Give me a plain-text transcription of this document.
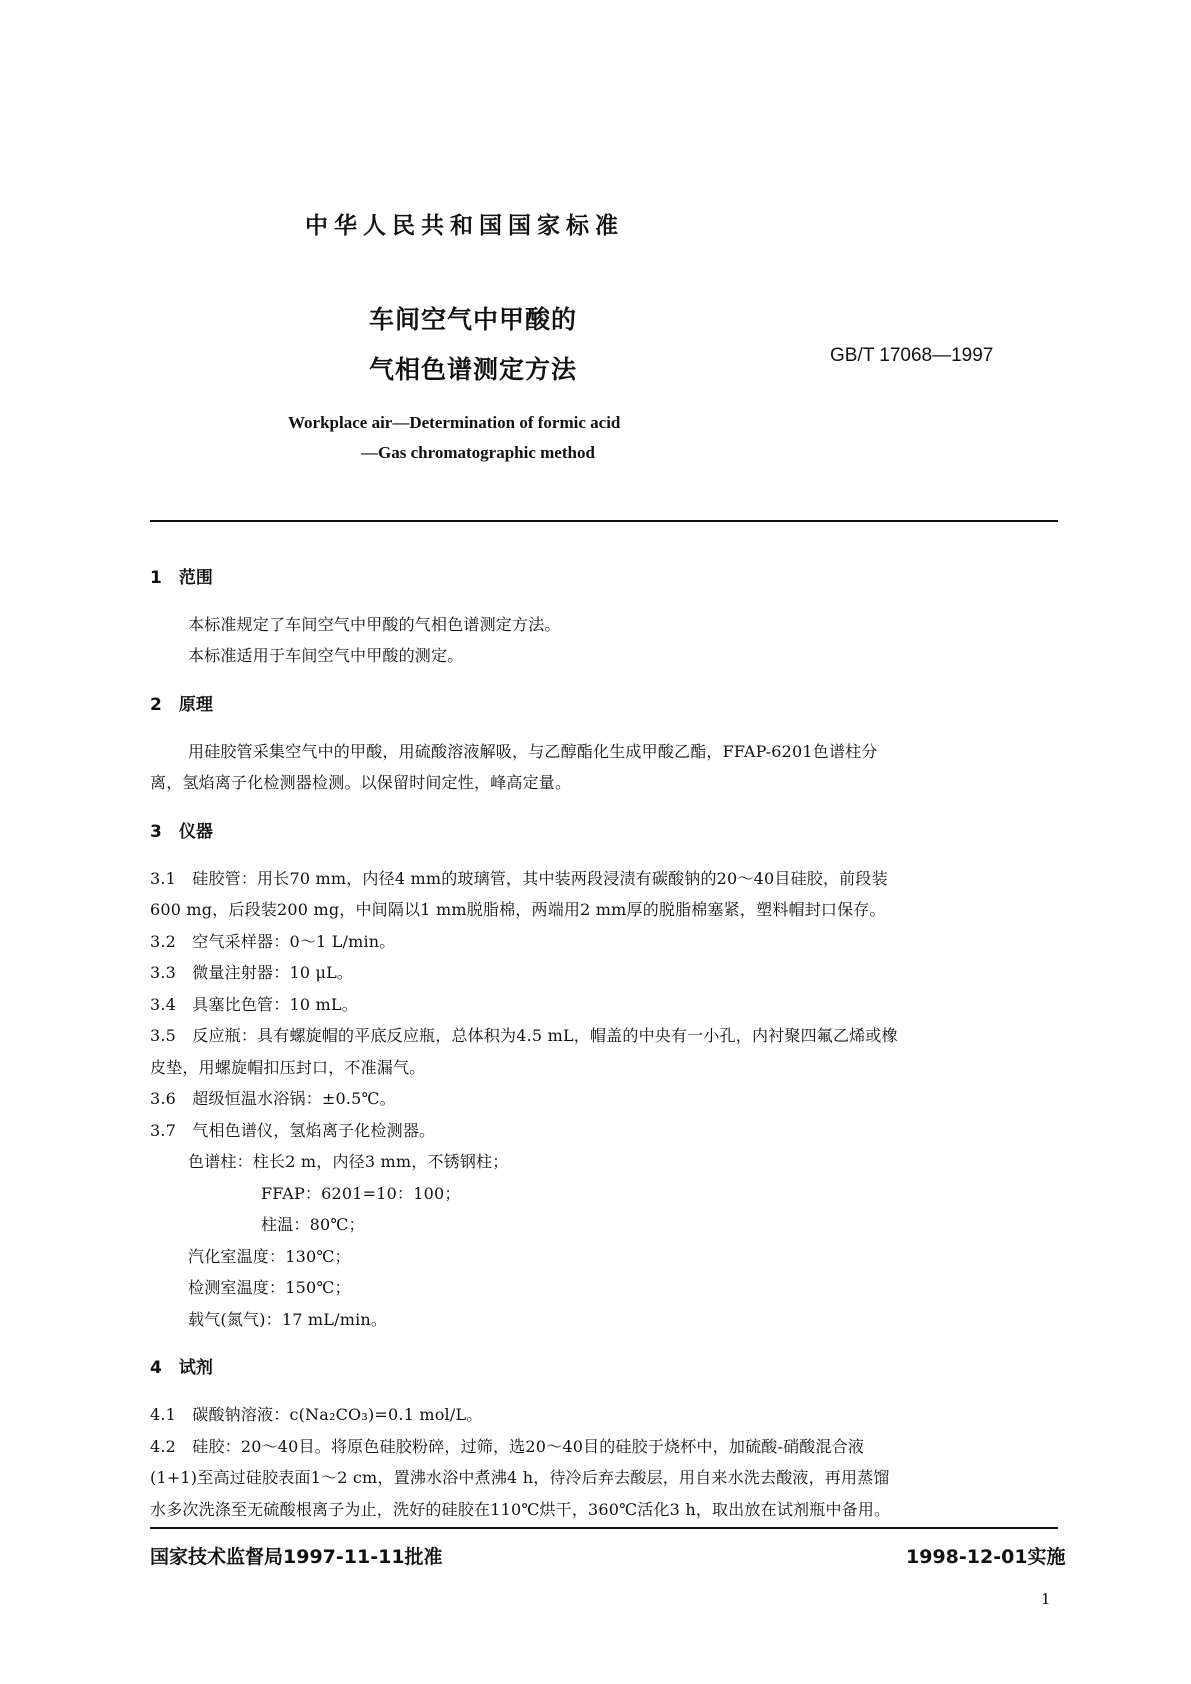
中华人民共和国国家标准
车间空气中甲酸的
气相色谱测定方法	GB/T 17068—1997
Workplace air—Determination of formic acid
—Gas chromatographic method
1　范围
本标准规定了车间空气中甲酸的气相色谱测定方法。
本标准适用于车间空气中甲酸的测定。
2　原理
用硅胶管采集空气中的甲酸，用硫酸溶液解吸，与乙醇酯化生成甲酸乙酯，FFAP-6201色谱柱分
离，氢焰离子化检测器检测。以保留时间定性，峰高定量。
3　仪器
3.1　硅胶管：用长70 mm，内径4 mm的玻璃管，其中装两段浸渍有碳酸钠的20～40目硅胶，前段装
600 mg，后段装200 mg，中间隔以1 mm脱脂棉，两端用2 mm厚的脱脂棉塞紧，塑料帽封口保存。
3.2　空气采样器：0～1 L/min。
3.3　微量注射器：10 μL。
3.4　具塞比色管：10 mL。
3.5　反应瓶：具有螺旋帽的平底反应瓶，总体积为4.5 mL，帽盖的中央有一小孔，内衬聚四氟乙烯或橡
皮垫，用螺旋帽扣压封口，不准漏气。
3.6　超级恒温水浴锅：±0.5℃。
3.7　气相色谱仪，氢焰离子化检测器。
色谱柱：柱长2 m，内径3 mm，不锈钢柱；
FFAP：6201=10：100；
柱温：80℃；
汽化室温度：130℃；
检测室温度：150℃；
载气(氮气)：17 mL/min。
4　试剂
4.1　碳酸钠溶液：c(Na₂CO₃)=0.1 mol/L。
4.2　硅胶：20～40目。将原色硅胶粉碎，过筛，选20～40目的硅胶于烧杯中，加硫酸-硝酸混合液
(1+1)至高过硅胶表面1～2 cm，置沸水浴中煮沸4 h，待冷后弃去酸层，用自来水洗去酸液，再用蒸馏
水多次洗涤至无硫酸根离子为止，洗好的硅胶在110℃烘干，360℃活化3 h，取出放在试剂瓶中备用。
国家技术监督局1997-11-11批准	1998-12-01实施
1
